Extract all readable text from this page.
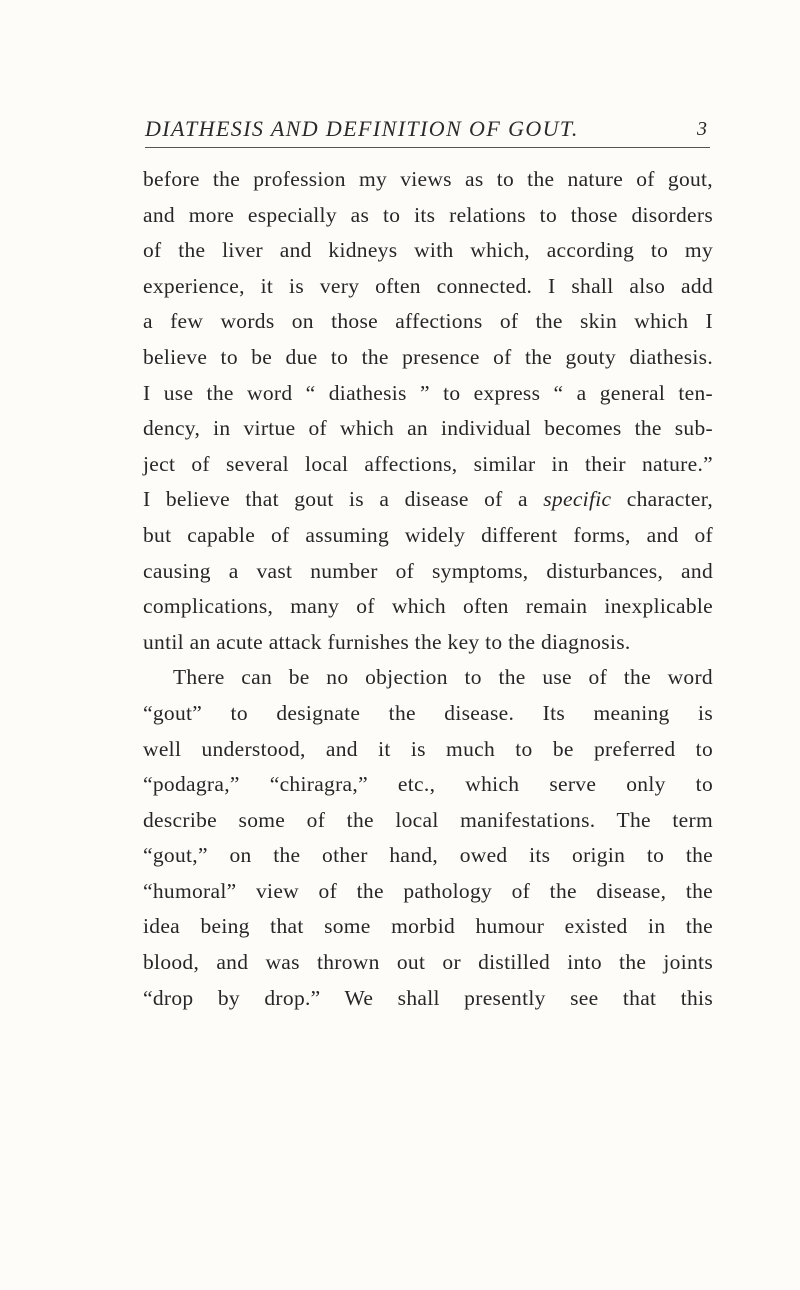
DIATHESIS AND DEFINITION OF GOUT.	3
before the profession my views as to the nature of gout,
and more especially as to its relations to those disorders
of the liver and kidneys with which, according to my
experience, it is very often connected. I shall also add
a few words on those affections of the skin which I
believe to be due to the presence of the gouty diathesis.
I use the word “ diathesis ” to express “ a general ten-
dency, in virtue of which an individual becomes the sub-
ject of several local affections, similar in their nature.”
I believe that gout is a disease of a specific character,
but capable of assuming widely different forms, and of
causing a vast number of symptoms, disturbances, and
complications, many of which often remain inexplicable
until an acute attack furnishes the key to the diagnosis.
There can be no objection to the use of the word
“gout” to designate the disease. Its meaning is
well understood, and it is much to be preferred to
“podagra,” “chiragra,” etc., which serve only to
describe some of the local manifestations. The term
“gout,” on the other hand, owed its origin to the
“humoral” view of the pathology of the disease, the
idea being that some morbid humour existed in the
blood, and was thrown out or distilled into the joints
“drop by drop.” We shall presently see that this
